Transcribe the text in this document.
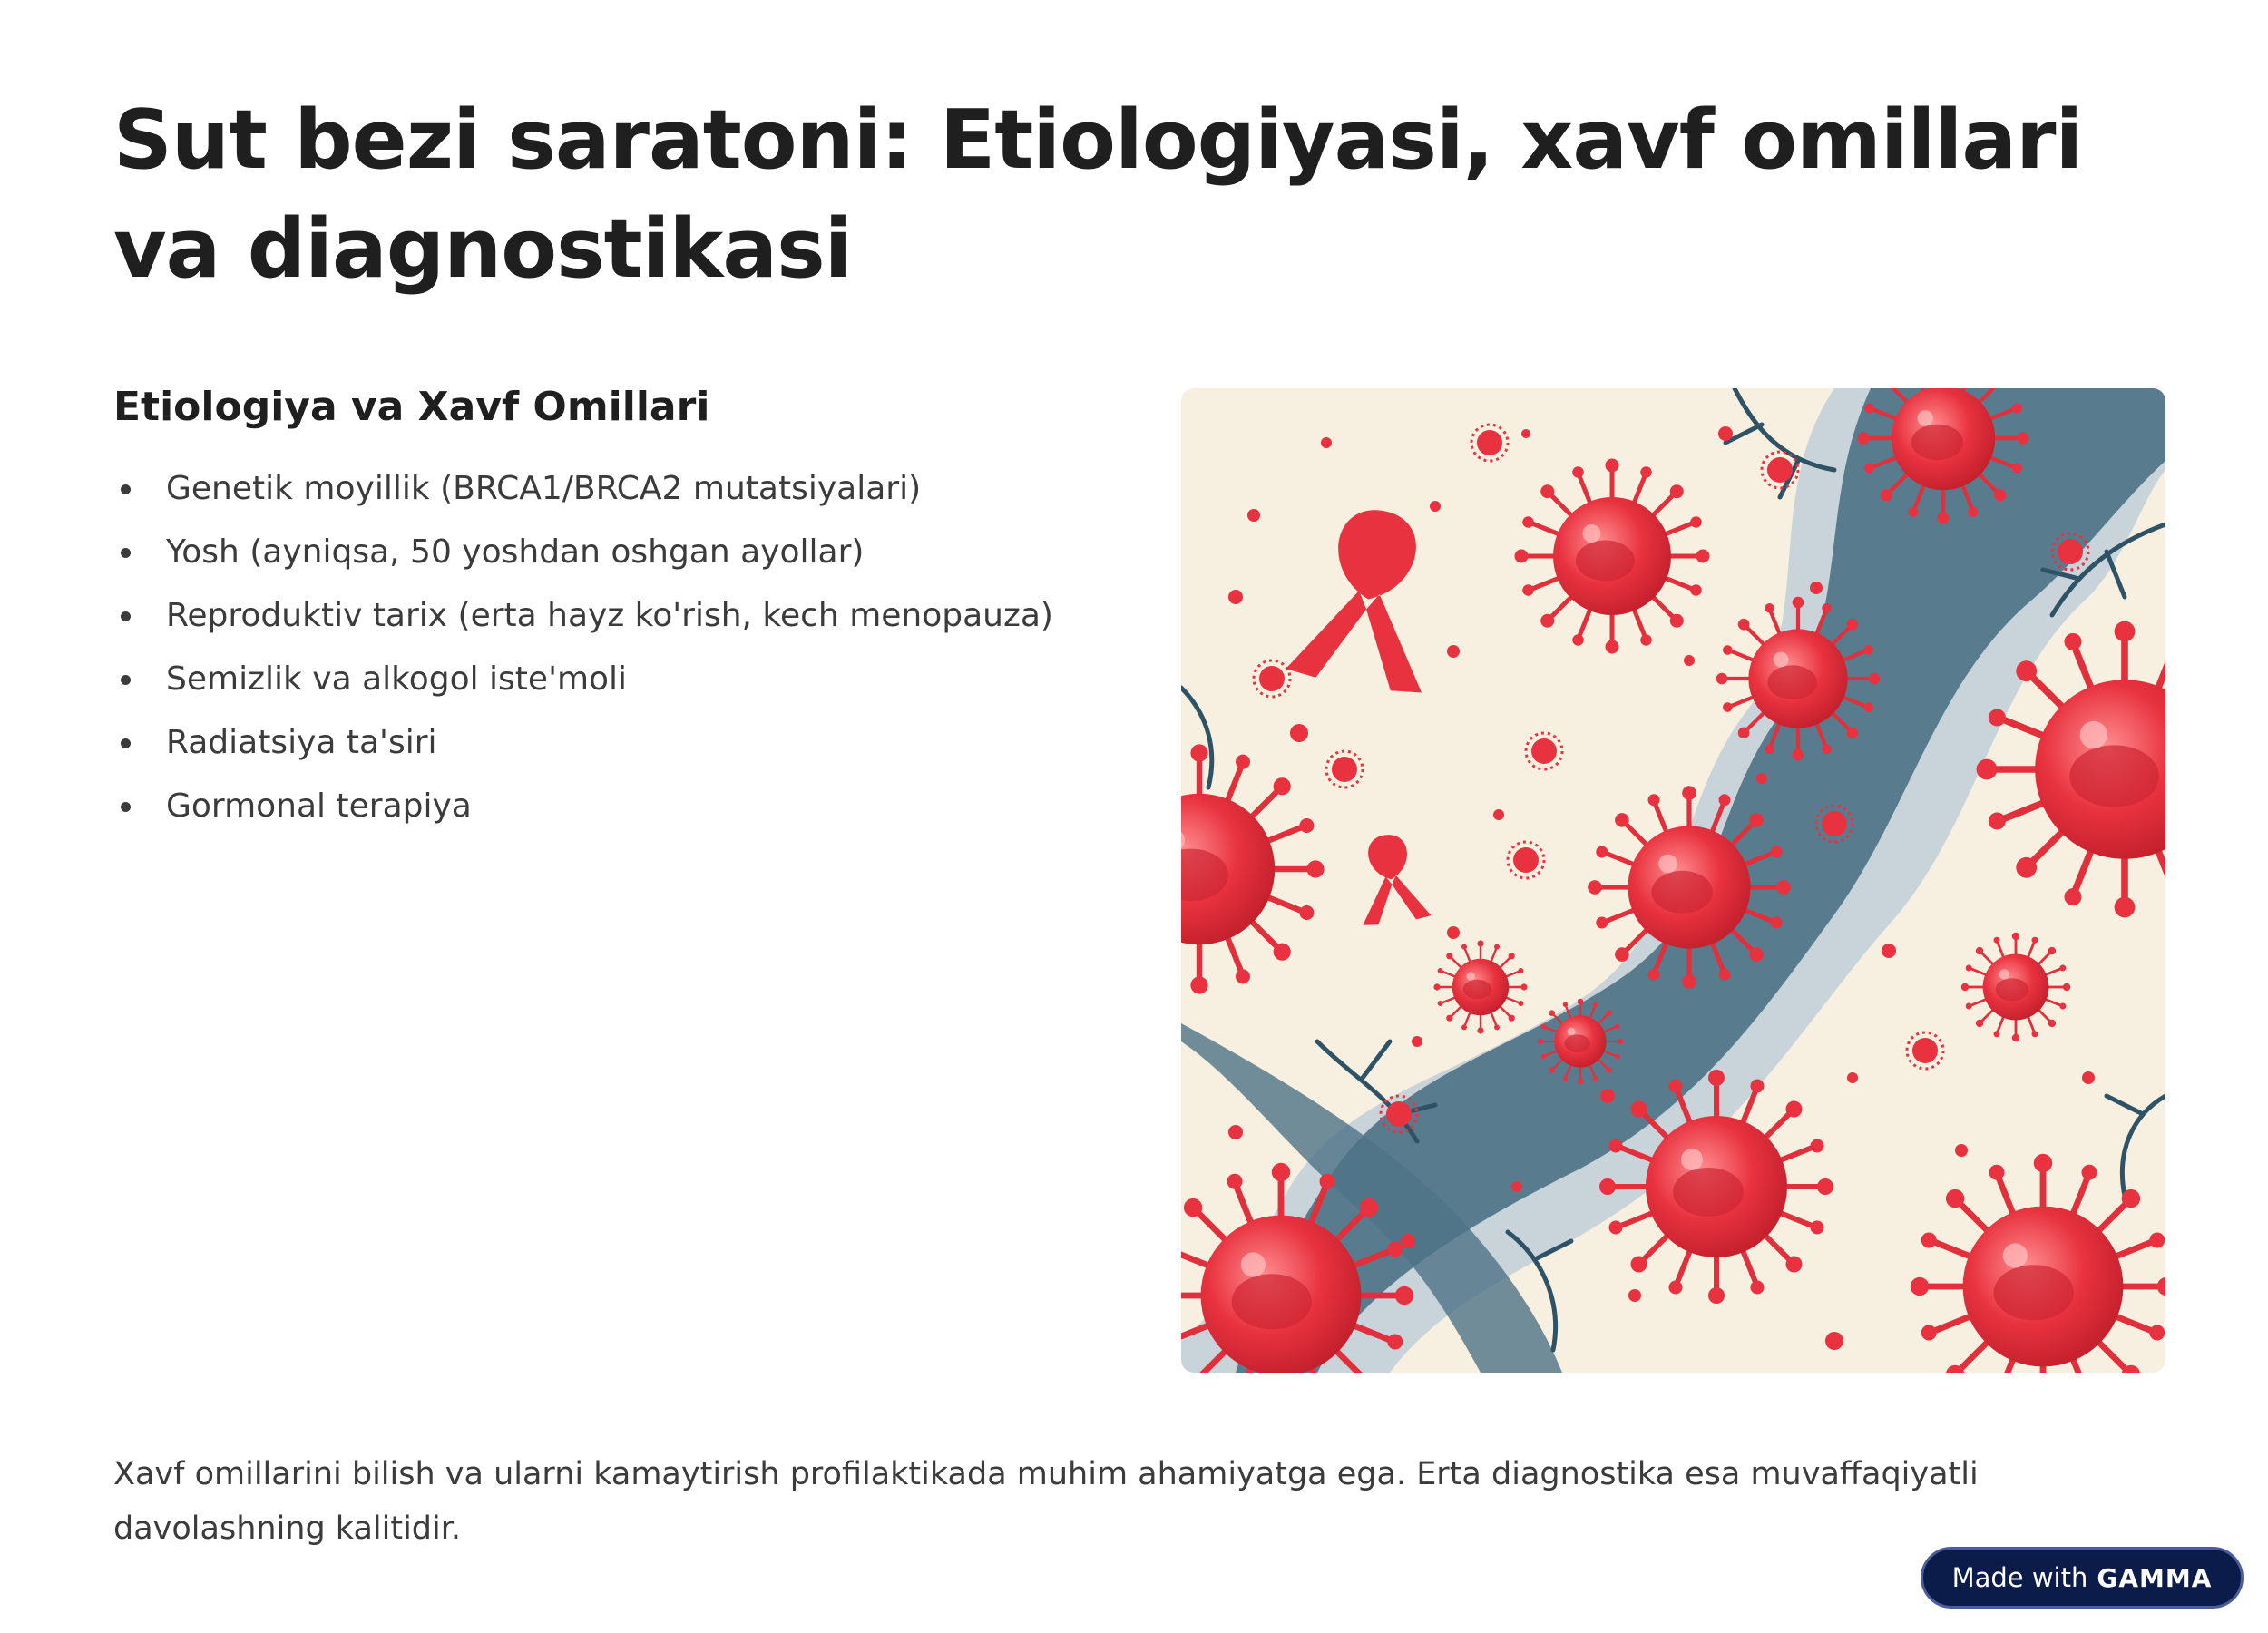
Sut bezi saratoni: Etiologiyasi, xavf omillari va diagnostikasi
Etiologiya va Xavf Omillari
Genetik moyillik (BRCA1/BRCA2 mutatsiyalari)
Yosh (ayniqsa, 50 yoshdan oshgan ayollar)
Reproduktiv tarix (erta hayz ko'rish, kech menopauza)
Semizlik va alkogol iste'moli
Radiatsiya ta'siri
Gormonal terapiya

Xavf omillarini bilish va ularni kamaytirish profilaktikada muhim ahamiyatga ega. Erta diagnostika esa muvaffaqiyatli davolashning kalitidir.

Made with GAMMA
